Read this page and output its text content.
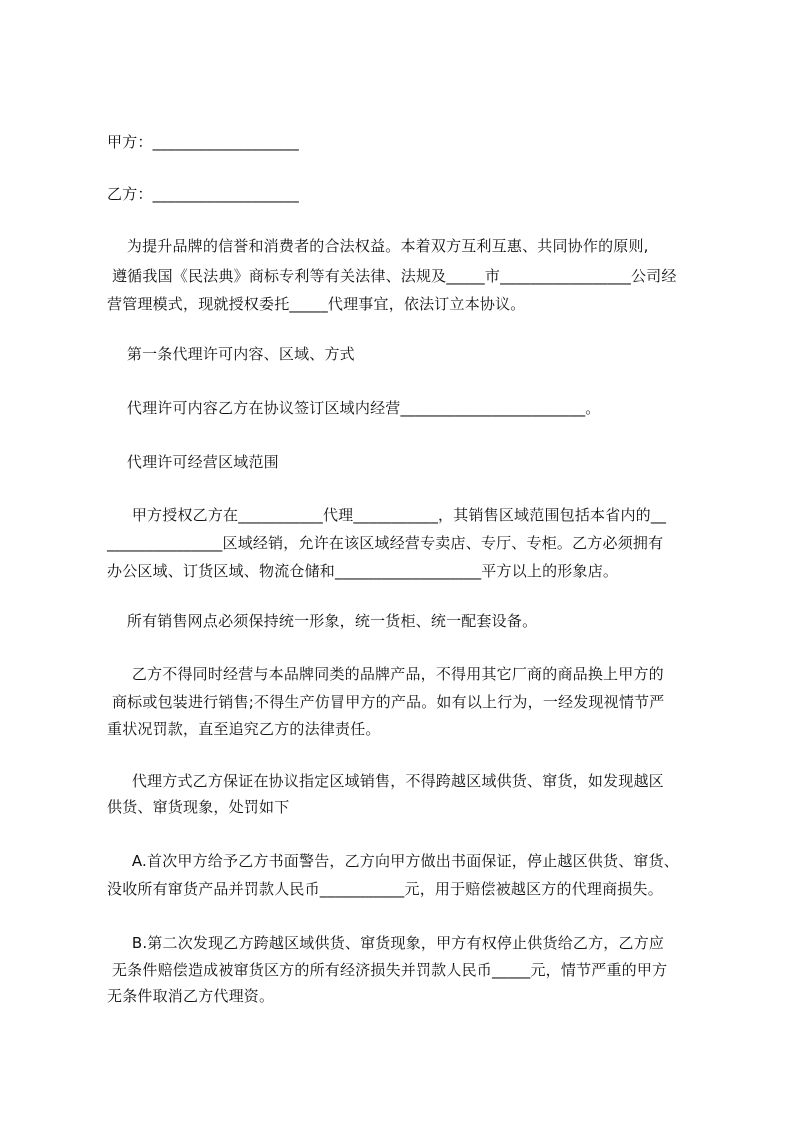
甲方：___________________
乙方：___________________
为提升品牌的信誉和消费者的合法权益。本着双方互利互惠、共同协作的原则,
遵循我国《民法典》商标专利等有关法律、法规及_____市_________________公司经
营管理模式，现就授权委托_____代理事宜，依法订立本协议。
第一条代理许可内容、区域、方式
代理许可内容乙方在协议签订区域内经营________________________。
代理许可经营区域范围
甲方授权乙方在___________代理___________，其销售区域范围包括本省内的__
_______________区域经销，允许在该区域经营专卖店、专厅、专柜。乙方必须拥有
办公区域、订货区域、物流仓储和___________________平方以上的形象店。
所有销售网点必须保持统一形象，统一货柜、统一配套设备。
乙方不得同时经营与本品牌同类的品牌产品，不得用其它厂商的商品换上甲方的
商标或包装进行销售;不得生产仿冒甲方的产品。如有以上行为，一经发现视情节严
重状况罚款，直至追究乙方的法律责任。
代理方式乙方保证在协议指定区域销售，不得跨越区域供货、窜货，如发现越区
供货、窜货现象，处罚如下
A.首次甲方给予乙方书面警告，乙方向甲方做出书面保证，停止越区供货、窜货、
没收所有窜货产品并罚款人民币___________元，用于赔偿被越区方的代理商损失。
B.第二次发现乙方跨越区域供货、窜货现象，甲方有权停止供货给乙方，乙方应
无条件赔偿造成被窜货区方的所有经济损失并罚款人民币_____元，情节严重的甲方
无条件取消乙方代理资。
